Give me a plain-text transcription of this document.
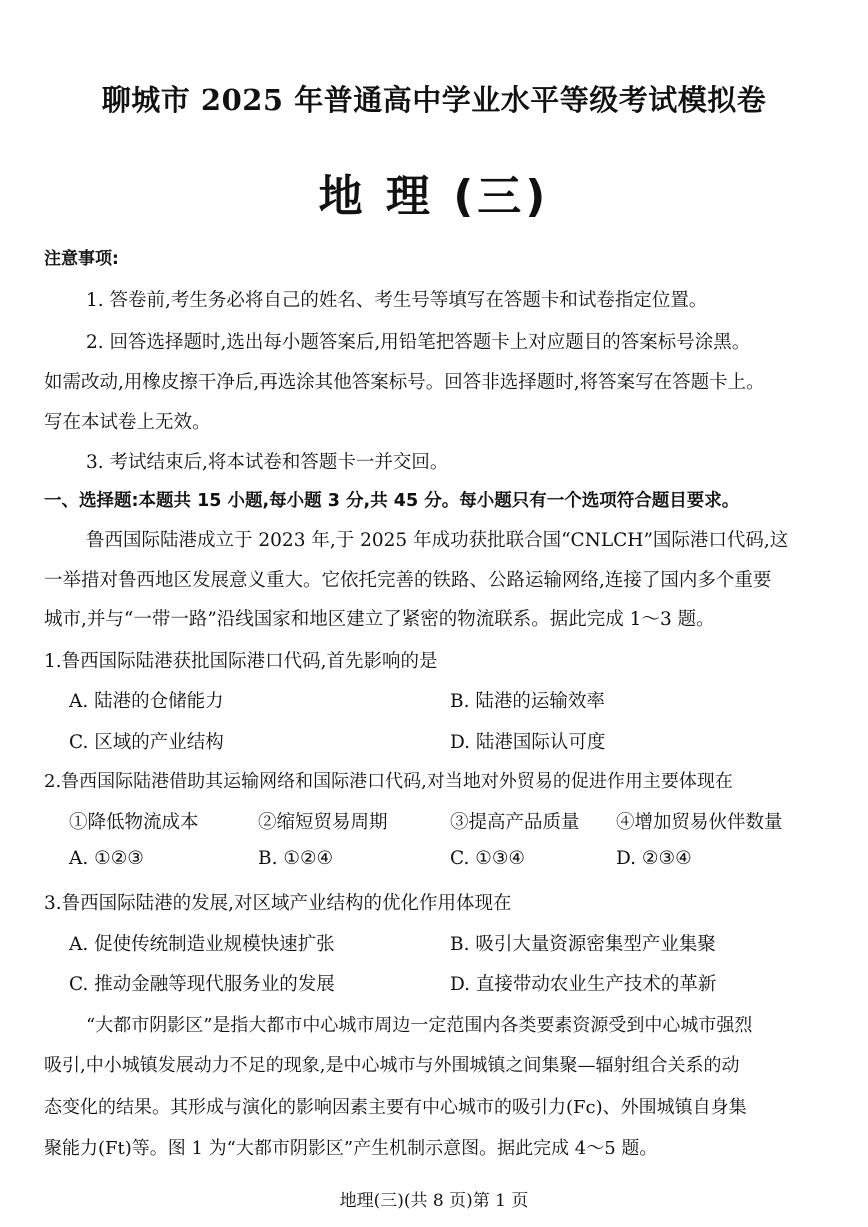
聊城市 2025 年普通高中学业水平等级考试模拟卷
地 理 (三)
注意事项:
1. 答卷前,考生务必将自己的姓名、考生号等填写在答题卡和试卷指定位置。
2. 回答选择题时,选出每小题答案后,用铅笔把答题卡上对应题目的答案标号涂黑。
如需改动,用橡皮擦干净后,再选涂其他答案标号。回答非选择题时,将答案写在答题卡上。
写在本试卷上无效。
3. 考试结束后,将本试卷和答题卡一并交回。
一、选择题:本题共 15 小题,每小题 3 分,共 45 分。每小题只有一个选项符合题目要求。
鲁西国际陆港成立于 2023 年,于 2025 年成功获批联合国“CNLCH”国际港口代码,这
一举措对鲁西地区发展意义重大。它依托完善的铁路、公路运输网络,连接了国内多个重要
城市,并与“一带一路”沿线国家和地区建立了紧密的物流联系。据此完成 1～3 题。
1.鲁西国际陆港获批国际港口代码,首先影响的是
A. 陆港的仓储能力	B. 陆港的运输效率
C. 区域的产业结构	D. 陆港国际认可度
2.鲁西国际陆港借助其运输网络和国际港口代码,对当地对外贸易的促进作用主要体现在
①降低物流成本	②缩短贸易周期	③提高产品质量 ④增加贸易伙伴数量
A. ①②③	B. ①②④	C. ①③④	D. ②③④
3.鲁西国际陆港的发展,对区域产业结构的优化作用体现在
A. 促使传统制造业规模快速扩张	B. 吸引大量资源密集型产业集聚
C. 推动金融等现代服务业的发展	D. 直接带动农业生产技术的革新
“大都市阴影区”是指大都市中心城市周边一定范围内各类要素资源受到中心城市强烈
吸引,中小城镇发展动力不足的现象,是中心城市与外围城镇之间集聚—辐射组合关系的动
态变化的结果。其形成与演化的影响因素主要有中心城市的吸引力(Fc)、外围城镇自身集
聚能力(Ft)等。图 1 为“大都市阴影区”产生机制示意图。据此完成 4～5 题。
地理(三)(共 8 页)第 1 页
